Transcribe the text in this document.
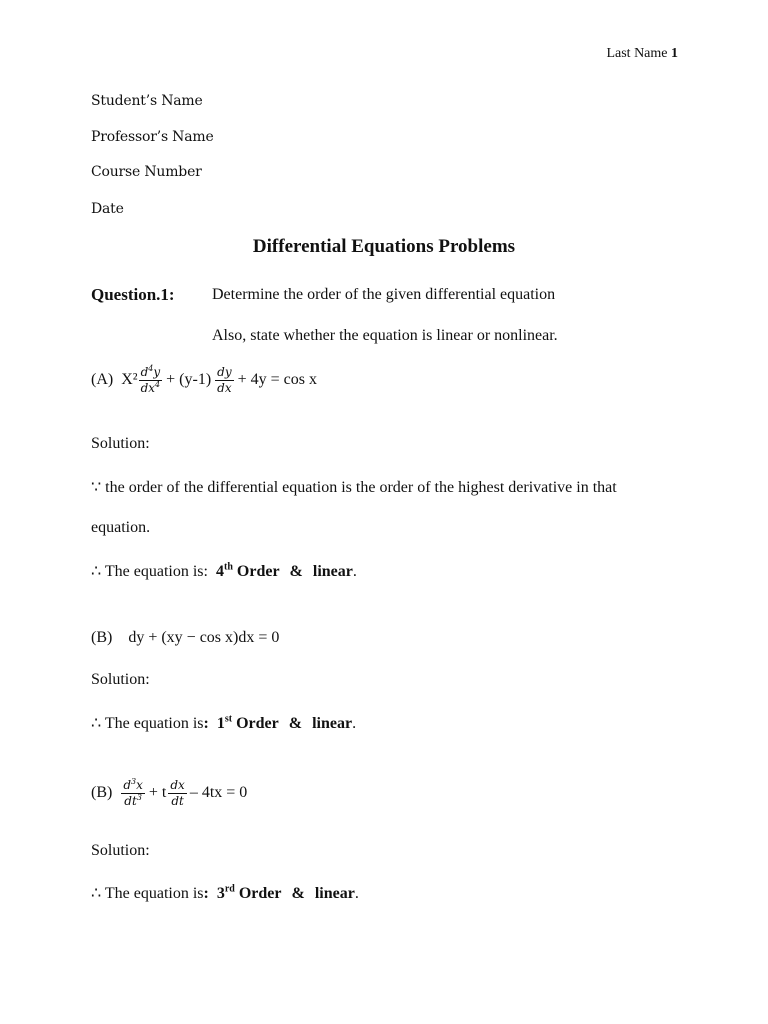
Last Name 1
Student’s Name
Professor’s Name
Course Number
Date
Differential Equations Problems
Question.1: Determine the order of the given differential equation
Also, state whether the equation is linear or nonlinear.
(A) $X^2 \frac{d^4y}{dx^4} + (y-1) \frac{dy}{dx} + 4y = \cos x$
Solution:
∵ the order of the differential equation is the order of the highest derivative in that
equation.
∴ The equation is: 4th Order & linear.
(B) dy + (xy − cos x)dx = 0
Solution:
∴ The equation is: 1st Order & linear.
$(B) \frac{d^3x}{dt^3} + t \frac{dx}{dt} - 4tx = 0$
Solution:
∴ The equation is: 3rd Order & linear.
